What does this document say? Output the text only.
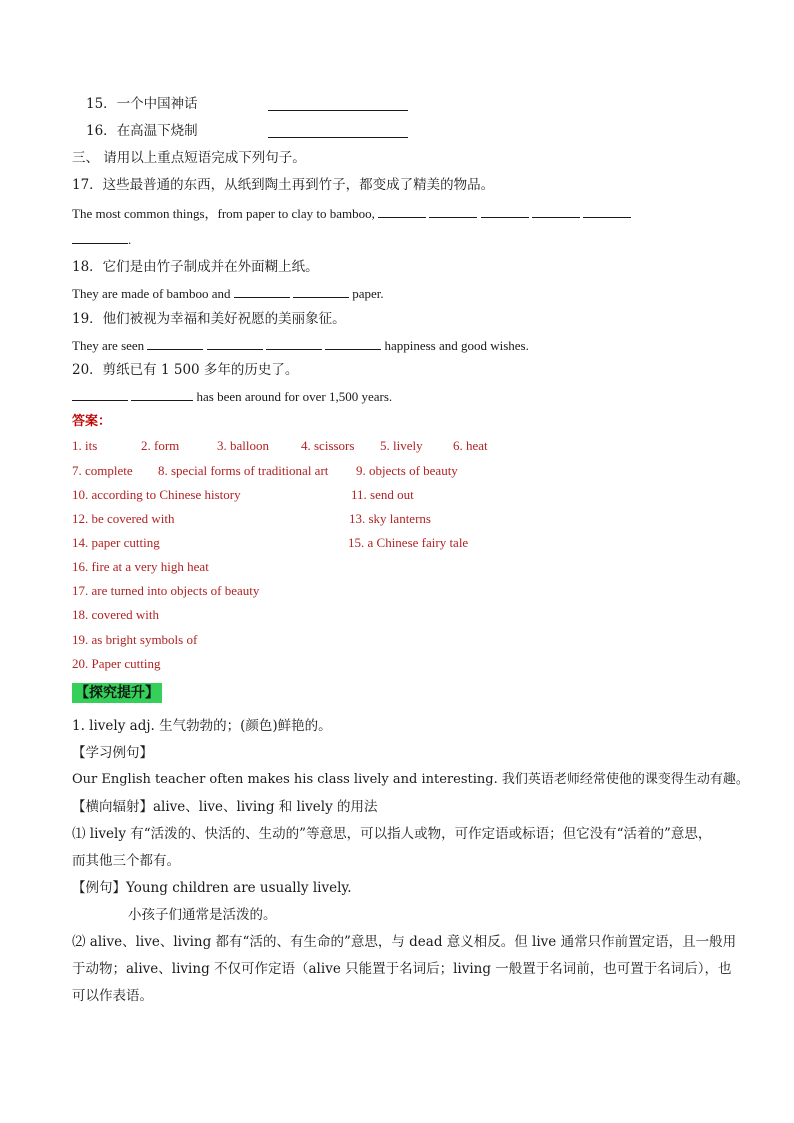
15．一个中国神话
16．在高温下烧制
三、 请用以上重点短语完成下列句子。
17．这些最普通的东西，从纸到陶土再到竹子，都变成了精美的物品。
The most common things，from paper to clay to bamboo,
.
18．它们是由竹子制成并在外面糊上纸。
They are made of bamboo and	paper.
19．他们被视为幸福和美好祝愿的美丽象征。
They are seen	happiness and good wishes.
20．剪纸已有 1 500 多年的历史了。
has been around for over 1,500 years.
答案：
1. its	2. form	3. balloon 4. scissors 5. lively 6. heat
7. complete 8. special forms of traditional art 9. objects of beauty
10. according to Chinese history	11. send out
12. be covered with	13. sky lanterns
14. paper cutting	15. a Chinese fairy tale
16. fire at a very high heat
17. are turned into objects of beauty
18. covered with
19. as bright symbols of
20. Paper cutting
【探究提升】
1. lively adj. 生气勃勃的；(颜色)鲜艳的。
【学习例句】
Our English teacher often makes his class lively and interesting. 我们英语老师经常使他的课变得生动有趣。
【横向辐射】alive、live、living 和 lively 的用法
⑴ lively 有“活泼的、快活的、生动的”等意思，可以指人或物，可作定语或标语；但它没有“活着的”意思，
而其他三个都有。
【例句】Young children are usually lively.
小孩子们通常是活泼的。
⑵ alive、live、living 都有“活的、有生命的”意思，与 dead 意义相反。但 live 通常只作前置定语，且一般用
于动物；alive、living 不仅可作定语（alive 只能置于名词后；living 一般置于名词前，也可置于名词后），也
可以作表语。
